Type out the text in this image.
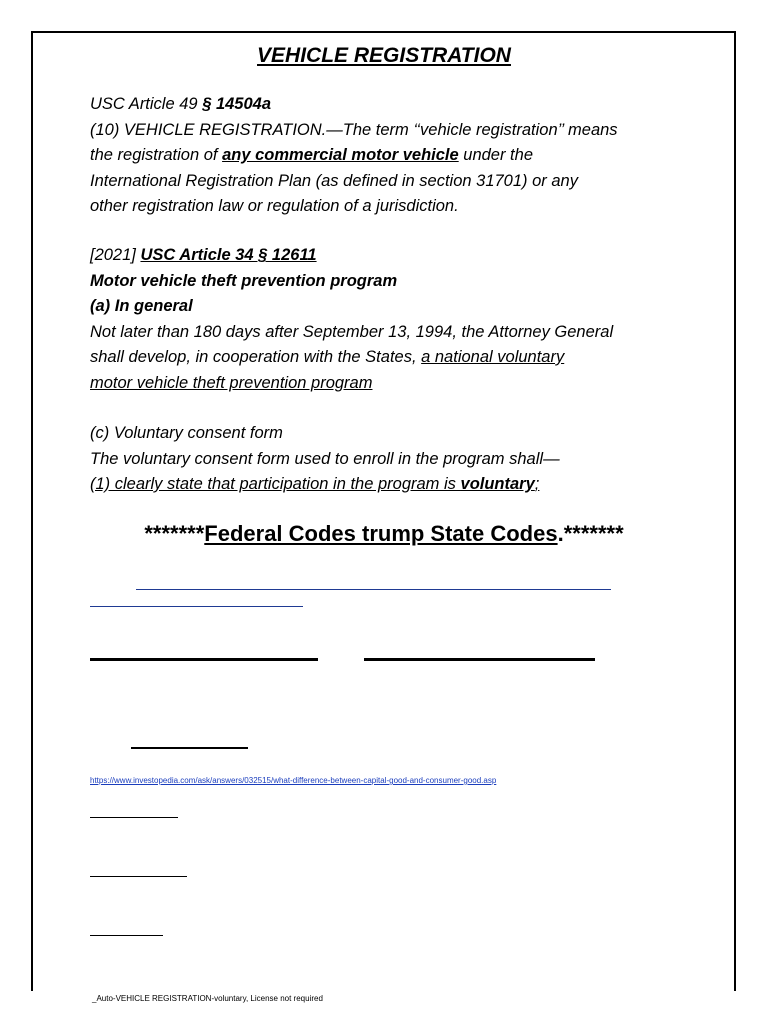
VEHICLE REGISTRATION
USC Article 49 § 14504a
(10) VEHICLE REGISTRATION.—The term ‘‘vehicle registration’’ means
the registration of any commercial motor vehicle under the
International Registration Plan (as defined in section 31701) or any
other registration law or regulation of a jurisdiction.
[2021] USC Article 34 § 12611
Motor vehicle theft prevention program
(a) In general
Not later than 180 days after September 13, 1994, the Attorney General
shall develop, in cooperation with the States, a national voluntary
motor vehicle theft prevention program
(c) Voluntary consent form
The voluntary consent form used to enroll in the program shall—
(1) clearly state that participation in the program is voluntary;
*******Federal Codes trump State Codes.*******
https://www.investopedia.com/ask/answers/032515/what-difference-between-capital-good-and-consumer-good.asp
_Auto-VEHICLE REGISTRATION-voluntary, License not required
